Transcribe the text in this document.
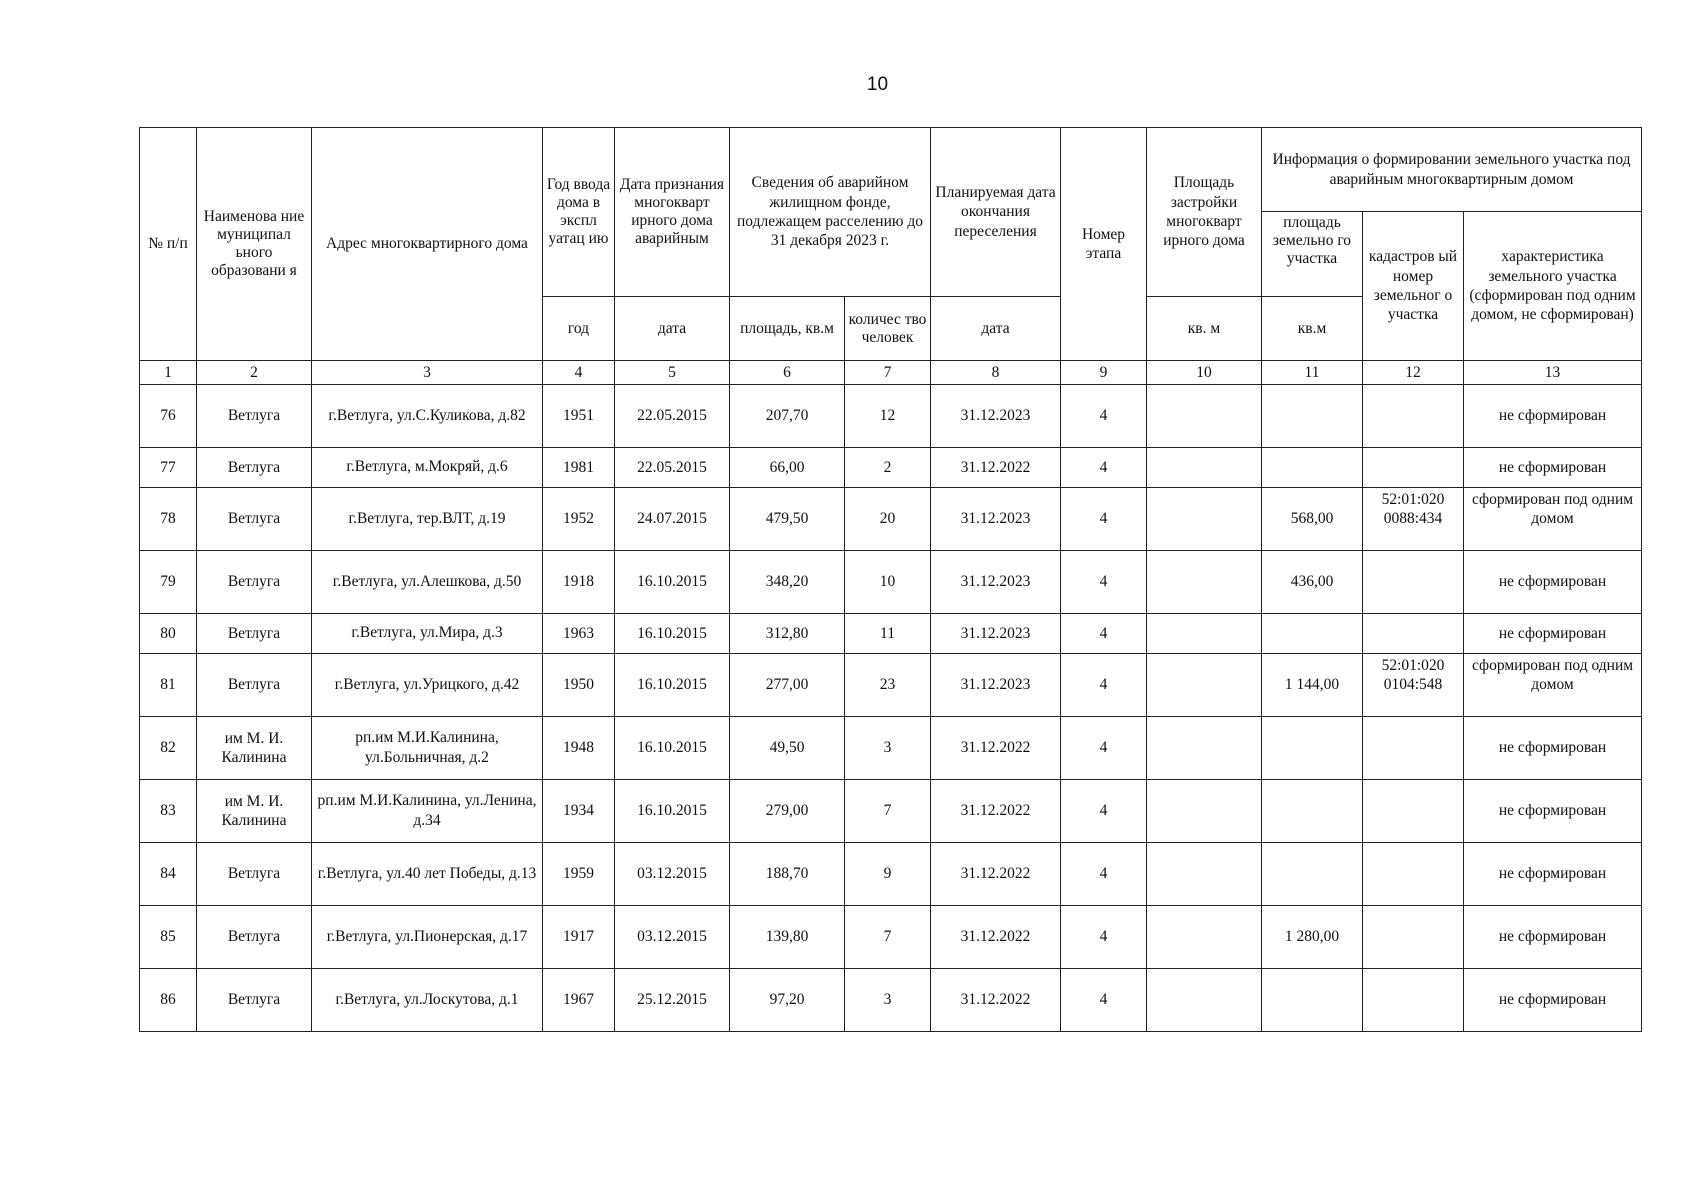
10
№ п/п	Наименова ние муниципал ьного образовани я	Адрес многоквартирного дома	Год ввода дома в экспл уатац ию	Дата признания многокварт ирного дома аварийным	Сведения об аварийном жилищном фонде, подлежащем расселению до 31 декабря 2023 г.		Планируемая дата окончания переселения	Номер этапа	Площадь застройки многокварт ирного дома	Информация о формировании земельного участка под аварийным многоквартирным домом		
										площадь земельно го участка	кадастров ый номер земельног о участка	характеристика земельного участка (сформирован под одним домом, не сформирован)
			год	дата	площадь, кв.м	количес тво человек	дата		кв. м	кв.м		
1	2	3	4	5	6	7	8	9	10	11	12	13
76	Ветлуга	г.Ветлуга, ул.С.Куликова, д.82	1951	22.05.2015	207,70	12	31.12.2023	4				не сформирован
77	Ветлуга	г.Ветлуга, м.Мокряй, д.6	1981	22.05.2015	66,00	2	31.12.2022	4				не сформирован
78	Ветлуга	г.Ветлуга, тер.ВЛТ, д.19	1952	24.07.2015	479,50	20	31.12.2023	4		568,00	52:01:020 0088:434	сформирован под одним домом
79	Ветлуга	г.Ветлуга, ул.Алешкова, д.50	1918	16.10.2015	348,20	10	31.12.2023	4		436,00		не сформирован
80	Ветлуга	г.Ветлуга, ул.Мира, д.3	1963	16.10.2015	312,80	11	31.12.2023	4				не сформирован
81	Ветлуга	г.Ветлуга, ул.Урицкого, д.42	1950	16.10.2015	277,00	23	31.12.2023	4		1 144,00	52:01:020 0104:548	сформирован под одним домом
82	им М. И. Калинина	рп.им М.И.Калинина, ул.Больничная, д.2	1948	16.10.2015	49,50	3	31.12.2022	4				не сформирован
83	им М. И. Калинина	рп.им М.И.Калинина, ул.Ленина, д.34	1934	16.10.2015	279,00	7	31.12.2022	4				не сформирован
84	Ветлуга	г.Ветлуга, ул.40 лет Победы, д.13	1959	03.12.2015	188,70	9	31.12.2022	4				не сформирован
85	Ветлуга	г.Ветлуга, ул.Пионерская, д.17	1917	03.12.2015	139,80	7	31.12.2022	4		1 280,00		не сформирован
86	Ветлуга	г.Ветлуга, ул.Лоскутова, д.1	1967	25.12.2015	97,20	3	31.12.2022	4				не сформирован
